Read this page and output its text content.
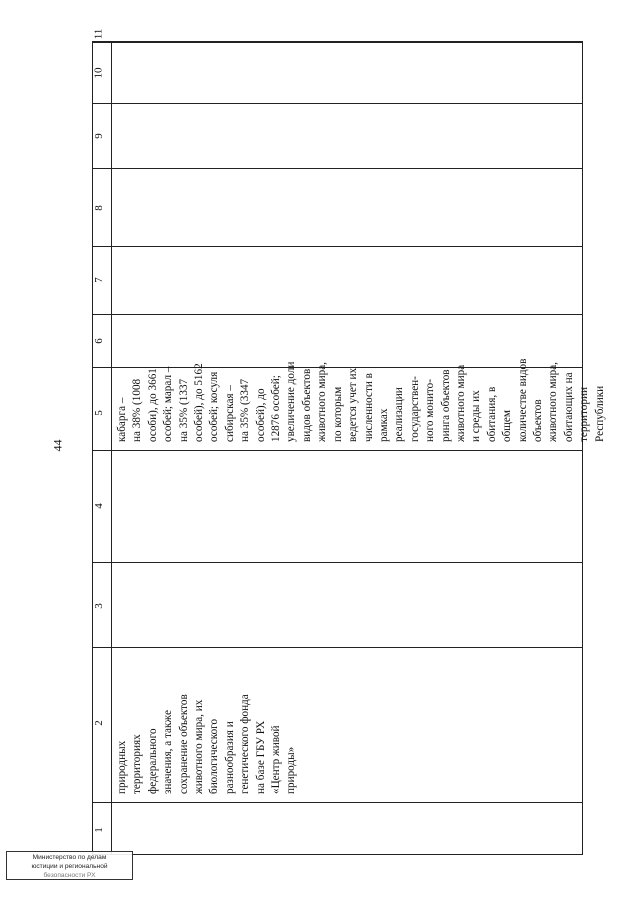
44
1
2
3
4
5
6
7
8
9
10
11
природных территориях федерального значения, а также сохранение объектов животного мира, их биологического разнообразия и генетического фонда на базе ГБУ РХ «Центр живой природы»
кабарга – на 38% (1008 особи), до 3661 особей; марал – на 35% (1337 особей), до 5162 особей; косуля сибирская – на 35% (3347 особей), до 12876 особей; увеличение доли видов объектов животного мира, по которым ведется учет их численности в рамках реализации государствен- ного монито- ринга объектов животного мира и среды их обитания, в общем количестве видов объектов животного мира, обитающих на территории Республики
Министерство по делам
юстиции и региональной
безопасности РХ
